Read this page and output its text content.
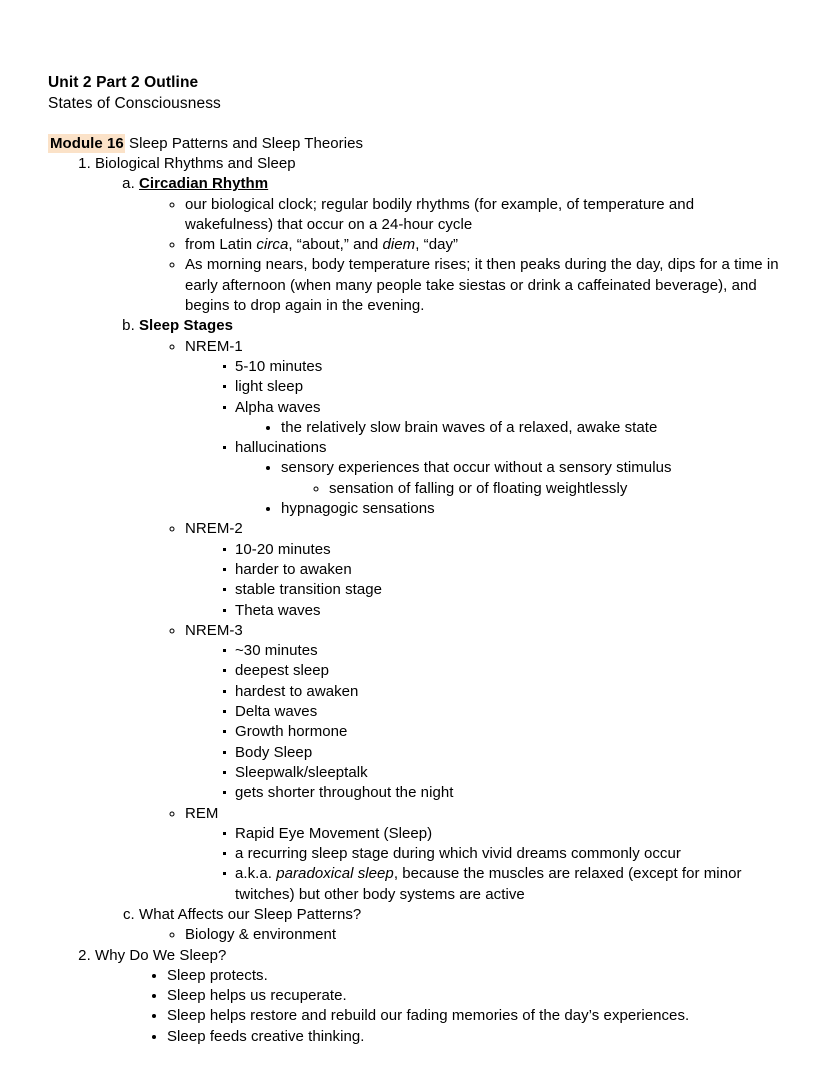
Unit 2 Part 2 Outline
States of Consciousness
Module 16 Sleep Patterns and Sleep Theories
1. Biological Rhythms and Sleep
a. Circadian Rhythm
◦ our biological clock; regular bodily rhythms (for example, of temperature and wakefulness) that occur on a 24-hour cycle
◦ from Latin circa, “about,” and diem, “day”
◦ As morning nears, body temperature rises; it then peaks during the day, dips for a time in early afternoon (when many people take siestas or drink a caffeinated beverage), and begins to drop again in the evening.
b. Sleep Stages
◦ NREM-1
▪ 5-10 minutes
▪ light sleep
▪ Alpha waves
• the relatively slow brain waves of a relaxed, awake state
▪ hallucinations
• sensory experiences that occur without a sensory stimulus
◦ sensation of falling or of floating weightlessly
• hypnagogic sensations
◦ NREM-2
▪ 10-20 minutes
▪ harder to awaken
▪ stable transition stage
▪ Theta waves
◦ NREM-3
▪ ~30 minutes
▪ deepest sleep
▪ hardest to awaken
▪ Delta waves
▪ Growth hormone
▪ Body Sleep
▪ Sleepwalk/sleeptalk
▪ gets shorter throughout the night
◦ REM
▪ Rapid Eye Movement (Sleep)
▪ a recurring sleep stage during which vivid dreams commonly occur
▪ a.k.a. paradoxical sleep, because the muscles are relaxed (except for minor twitches) but other body systems are active
c. What Affects our Sleep Patterns?
◦ Biology & environment
2. Why Do We Sleep?
• Sleep protects.
• Sleep helps us recuperate.
• Sleep helps restore and rebuild our fading memories of the day’s experiences.
• Sleep feeds creative thinking.
